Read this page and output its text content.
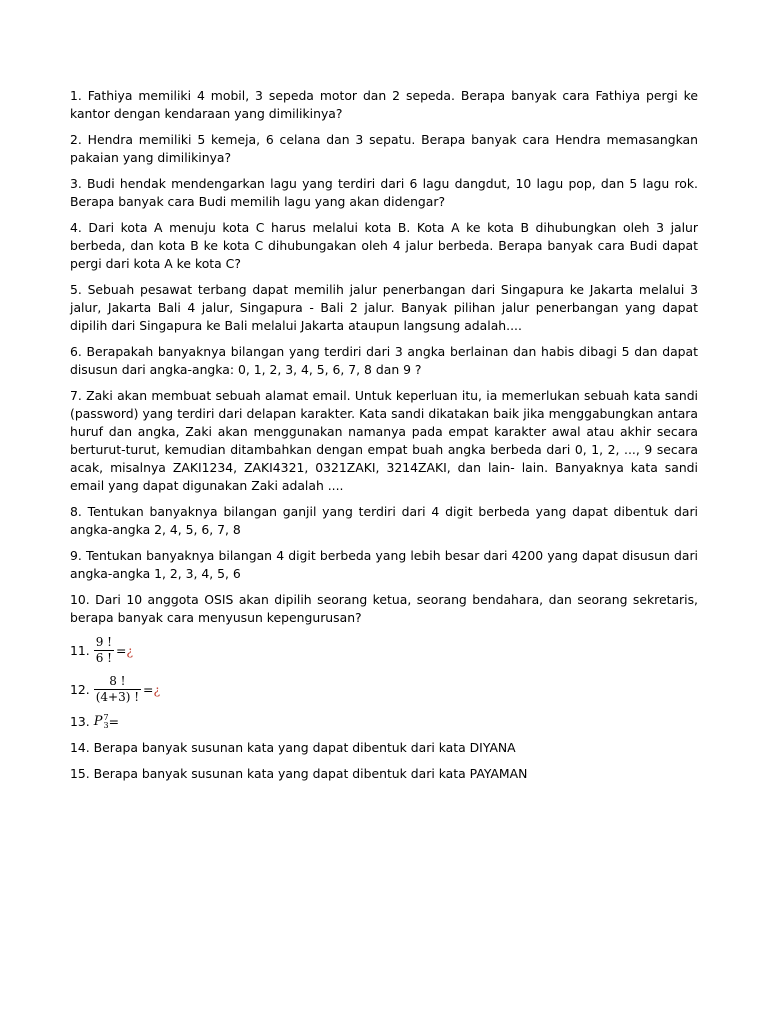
1. Fathiya memiliki 4 mobil, 3 sepeda motor dan 2 sepeda. Berapa banyak cara Fathiya pergi ke kantor dengan kendaraan yang dimilikinya?

2. Hendra memiliki 5 kemeja, 6 celana dan 3 sepatu. Berapa banyak cara Hendra memasangkan pakaian yang dimilikinya?

3. Budi hendak mendengarkan lagu yang terdiri dari 6 lagu dangdut, 10 lagu pop, dan 5 lagu rok. Berapa banyak cara Budi memilih lagu yang akan didengar?

4. Dari kota A menuju kota C harus melalui kota B. Kota A ke kota B dihubungkan oleh 3 jalur berbeda, dan kota B ke kota C dihubungakan oleh 4 jalur berbeda. Berapa banyak cara Budi dapat pergi dari kota A ke kota C?

5. Sebuah pesawat terbang dapat memilih jalur penerbangan dari Singapura ke Jakarta melalui 3 jalur, Jakarta Bali 4 jalur, Singapura - Bali 2 jalur. Banyak pilihan jalur penerbangan yang dapat dipilih dari Singapura ke Bali melalui Jakarta ataupun langsung adalah....

6. Berapakah banyaknya bilangan yang terdiri dari 3 angka berlainan dan habis dibagi 5 dan dapat disusun dari angka-angka: 0, 1, 2, 3, 4, 5, 6, 7, 8 dan 9 ?

7. Zaki akan membuat sebuah alamat email. Untuk keperluan itu, ia memerlukan sebuah kata sandi (password) yang terdiri dari delapan karakter. Kata sandi dikatakan baik jika menggabungkan antara huruf dan angka, Zaki akan menggunakan namanya pada empat karakter awal atau akhir secara berturut-turut, kemudian ditambahkan dengan empat buah angka berbeda dari 0, 1, 2, ..., 9 secara acak, misalnya ZAKI1234, ZAKI4321, 0321ZAKI, 3214ZAKI, dan lain- lain. Banyaknya kata sandi email yang dapat digunakan Zaki adalah ....

8. Tentukan banyaknya bilangan ganjil yang terdiri dari 4 digit berbeda yang dapat dibentuk dari angka-angka 2, 4, 5, 6, 7, 8

9. Tentukan banyaknya bilangan 4 digit berbeda yang lebih besar dari 4200 yang dapat disusun dari angka-angka 1, 2, 3, 4, 5, 6

10. Dari 10 anggota OSIS akan dipilih seorang ketua, seorang bendahara, dan seorang sekretaris, berapa banyak cara menyusun kepengurusan?

11. $\frac{9 !}{6 !}$ = ¿
12. $\frac{8 !}{(4+3) !}$ = ¿
13. P 7
3 =

14. Berapa banyak susunan kata yang dapat dibentuk dari kata DIYANA

15. Berapa banyak susunan kata yang dapat dibentuk dari kata PAYAMAN
